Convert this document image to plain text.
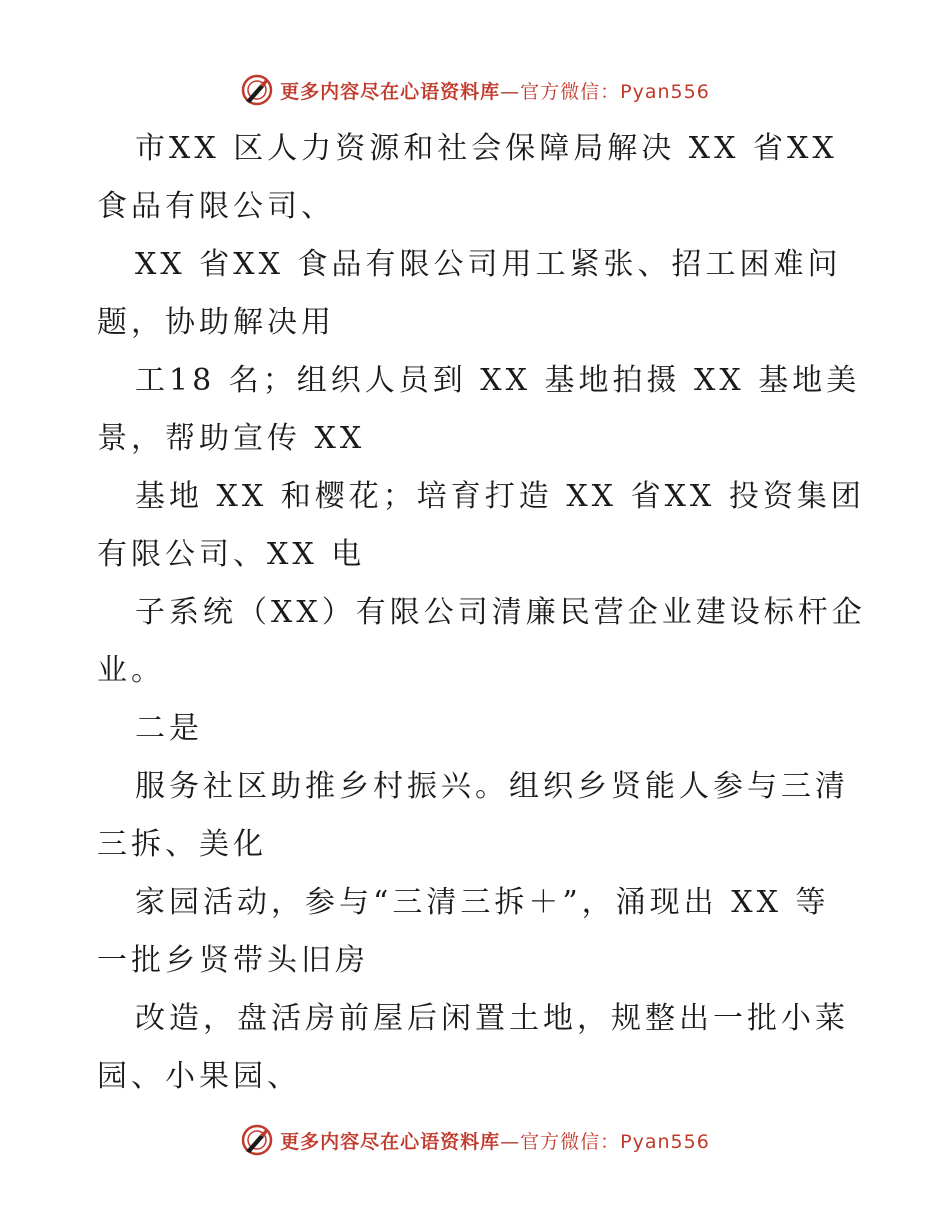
更多内容尽在心语资料库—官方微信：Pyan556
市XX 区人力资源和社会保障局解决 XX 省XX
食品有限公司、
XX 省XX 食品有限公司用工紧张、招工困难问
题，协助解决用
工18 名；组织人员到 XX 基地拍摄 XX 基地美
景，帮助宣传 XX
基地 XX 和樱花；培育打造 XX 省XX 投资集团
有限公司、XX 电
子系统（XX）有限公司清廉民营企业建设标杆企
业。
二是
服务社区助推乡村振兴。组织乡贤能人参与三清
三拆、美化
家园活动，参与“三清三拆＋”，涌现出 XX 等
一批乡贤带头旧房
改造，盘活房前屋后闲置土地，规整出一批小菜
园、小果园、
更多内容尽在心语资料库—官方微信：Pyan556
